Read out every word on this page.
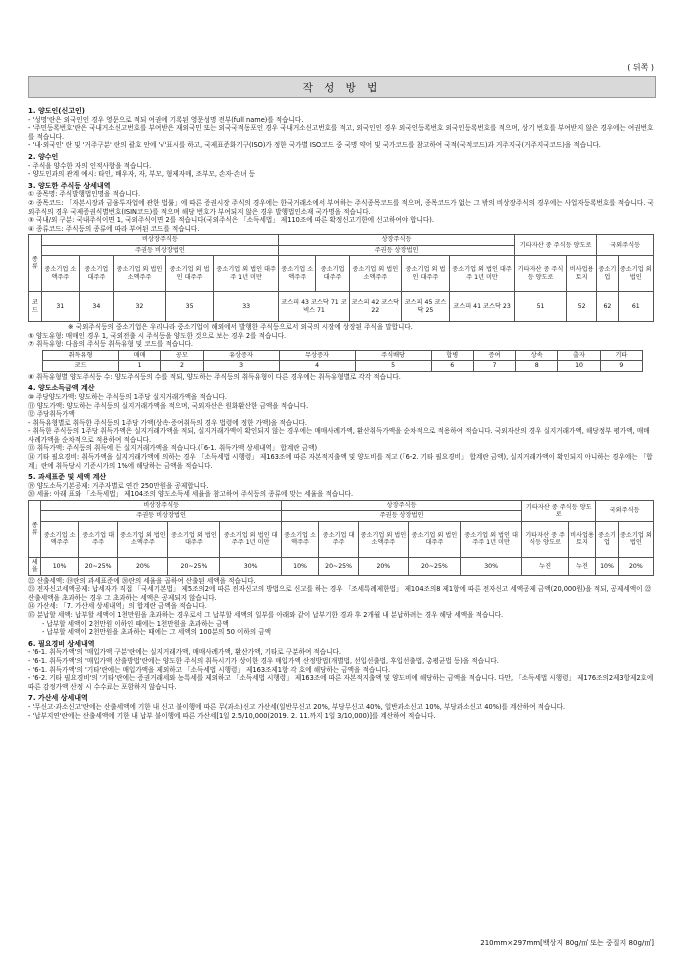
( 뒤쪽 )
작 성 방 법
1. 양도인(신고인)
- '성명'란은 외국인인 경우 영문으로 적되 여권에 기록된 영문성명 전부(full name)를 적습니다.
- '주민등록번호'란은 국내거소신고번호를 부여받은 재외국민 또는 외국국적동포인 경우 국내거소신고번호를 적고, 외국인인 경우 외국인등록번호 외국인등록번호를 적으며, 상기 번호를 부여받지 않은 경우에는 여권번호를 적습니다.
- '내·외국인' 란 및 '거주구분' 란의 괄호 안에 '√'표시를 하고, 국제표준화기구(ISO)가 정한 국가별 ISO코드 중 국명 약어 및 국가코드를 참고하여 국적(국적코드)과 거주지국(거주지국코드)을 적습니다.
2. 양수인
- 주식을 양수한 자의 인적사항을 적습니다.
- 양도인과의 관계 예시: 타인, 배우자, 자, 부모, 형제자매, 조부모, 손자·손녀 등
3. 양도한 주식등 상세내역
① 종목명: 주식발행법인명을 적습니다.
② 종목코드: 「자본시장과 금융투자업에 관한 법률」에 따른 증권시장 주식의 경우에는 한국거래소에서 부여하는 주식종목코드를 적으며, 종목코드가 없는 그 밖의 비상장주식의 경우에는 사업자등록번호를 적습니다. 국외주식의 경우 국제증권식별번호(ISIN코드)를 적으며 해당 번호가 부여되지 않은 경우 발행법인소재 국가명을 적습니다.
③ 국내/외 구분: 국내주식이면 1, 국외주식이면 2를 적습니다(국외주식은 「소득세법」 제110조에 따른 확정신고기한에 신고하여야 합니다).
④ 종류코드: 주식등의 종류에 따라 부여된 코드를 적습니다.
종류	비상장주식등					상장주식등					기타자산 중 주식등 양도로		국외주식등	
	주권등 비상장법인					주권등 상장법인								
	중소기업 소액주주	중소기업 대주주	중소기업 외 법인 소액주주	중소기업 외 법인 대주주	중소기업 외 법인 대주주 1년 미만	중소기업 소액주주	중소기업 대주주	중소기업 외 법인 소액주주	중소기업 외 법인 대주주	중소기업 외 법인 대주주 1년 미만	기타자산 중 주식등 양도로	비사업용 토지	중소기업	중소기업 외 법인
코드	31	34	32	35	33	코스피 43 코스닥 71 코넥스 71		코스피 42 코스닥 22	코스피 45 코스닥 25	코스피 41 코스닥 23	51	52	62	61
※ 국외주식등의 중소기업은 우리나라 중소기업이 해외에서 발행한 주식등으로서 외국의 시장에 상장된 주식을 말합니다.
⑤ 양도유형: 매매인 경우 1, 국외전출 시 주식등을 양도한 것으로 보는 경우 2를 적습니다.
⑦ 취득유형: 다음의 주식등 취득유형 및 코드를 적습니다.
취득유형	매매	공모	유상증자	무상증자	주식배당	합병	증여	상속	출자	기타
코드	1	2	3	4	5	6	7	8	10	9
⑧ 취득유형별 양도주식등 수: 양도주식등의 수를 적되, 양도하는 주식등의 취득유형이 다른 경우에는 취득유형별로 각각 적습니다.
4. 양도소득금액 계산
⑩ 주당양도가액: 양도하는 주식등의 1주당 실지거래가액을 적습니다.
⑪ 양도가액: 양도하는 주식등의 실지거래가액을 적으며, 국외자산은 원화환산한 금액을 적습니다.
⑫ 주당취득가액
- 취득유형별로 취득한 주식등의 1주당 가액(상속·증여취득의 경우 법령에 정한 가액)을 적습니다.
- 취득한 주식등의 1주당 취득가액은 실지거래가액을 적되, 실지거래가액이 확인되지 않는 경우에는 매매사례가액, 환산취득가액을 순차적으로 적용하여 적습니다. 국외자산의 경우 실지거래가액, 해당정부 평가액, 매매사례가액을 순차적으로 적용하여 적습니다.
⑬ 취득가액: 주식등의 취득에 든 실지거래가액을 적습니다.(「6-1. 취득가액 상세내역」 합계란 금액)
⑭ 기타 필요경비: 취득가액을 실지거래가액에 의하는 경우 「소득세법 시행령」 제163조에 따른 자본적지출액 및 양도비를 적고 (「6-2. 기타 필요경비」 합계란 금액), 실지거래가액이 확인되지 아니하는 경우에는 「합계」란에 취득당시 기준시가의 1%에 해당하는 금액을 적습니다.
5. 과세표준 및 세액 계산
⑲ 양도소득기본공제: 거주자별로 연간 250만원을 공제합니다.
⑳ 세율: 아래 표와 「소득세법」 제104조의 양도소득세 세율을 참고하여 주식등의 종류에 맞는 세율을 적습니다.
종류	비상장주식등					상장주식등					기타자산 중 주식등 양도로		국외주식등	
	주권등 비상장법인					주권등 상장법인								
	중소기업 소액주주	중소기업 대주주	중소기업 외 법인 소액주주	중소기업 외 법인 대주주	중소기업 외 법인 대주주 1년 미만	중소기업 소액주주	중소기업 대주주	중소기업 외 법인 소액주주	중소기업 외 법인 대주주	중소기업 외 법인 대주주 1년 미만	기타자산 중 주식등 양도로	비사업용 토지	중소기업	중소기업 외 법인
세율	10%	20~25%	20%	20~25%	30%	10%	20~25%	20%	20~25%	30%	누진	누진	10%	20%
㉒ 산출세액: ⑲란의 과세표준에 ⑳란의 세율을 곱하여 산출된 세액을 적습니다.
㉓ 전자신고세액공제: 납세자가 직접 「국세기본법」 제5조의2에 따른 전자신고의 방법으로 신고를 하는 경우 「조세특례제한법」 제104조의8 제1항에 따른 전자신고 세액공제 금액(20,000원)을 적되, 공제세액이 ㉒산출세액을 초과하는 경우 그 초과하는 세액은 공제되지 않습니다.
㉞ 가산세: 「7. 가산세 상세내역」의 합계란 금액을 적습니다.
㉟ 분납할 세액: 납부할 세액이 1천만원을 초과하는 경우로서 그 납부할 세액의 일부를 아래와 같이 납부기한 경과 후 2개월 내 분납하려는 경우 해당 세액을 적습니다.
- 납부할 세액이 2천만원 이하인 때에는 1천만원을 초과하는 금액
- 납부할 세액이 2천만원을 초과하는 때에는 그 세액의 100분의 50 이하의 금액
6. 필요경비 상세내역
- '6-1. 취득가액'의 '매입가액 구분'란에는 실지거래가액, 매매사례가액, 환산가액, 기타로 구분하여 적습니다.
- '6-1. 취득가액'의 '매입가액 산출방법'란에는 양도한 주식의 취득시기가 상이한 경우 매입가액 산정방법(개별법, 선입선출법, 후입선출법, 총평균법 등)을 적습니다.
- '6-1. 취득가액'의 '기타'란에는 매입가액을 제외하고 「소득세법 시행령」 제163조제1항 각 호에 해당하는 금액을 적습니다.
- '6-2. 기타 필요경비'의 '기타'란에는 증권거래세와 농특세를 제외하고 「소득세법 시행령」 제163조에 따른 자본적지출액 및 양도비에 해당하는 금액을 적습니다. 다만, 「소득세법 시행령」 제176조의2제3항제2호에 따른 감정가액 산정 시 수수료는 포함하지 않습니다.
7. 가산세 상세내역
- '무신고·과소신고'란에는 산출세액에 기한 내 신고 불이행에 따른 무(과소)신고 가산세(일반무신고 20%, 부당무신고 40%, 일반과소신고 10%, 부당과소신고 40%)를 계산하여 적습니다.
- '납부지연'란에는 산출세액에 기한 내 납부 불이행에 따른 가산세[1일 2.5/10,000(2019. 2. 11.까지 1일 3/10,000)]를 계산하여 적습니다.
210mm×297mm[백상지 80g/㎡ 또는 중질지 80g/㎡]
